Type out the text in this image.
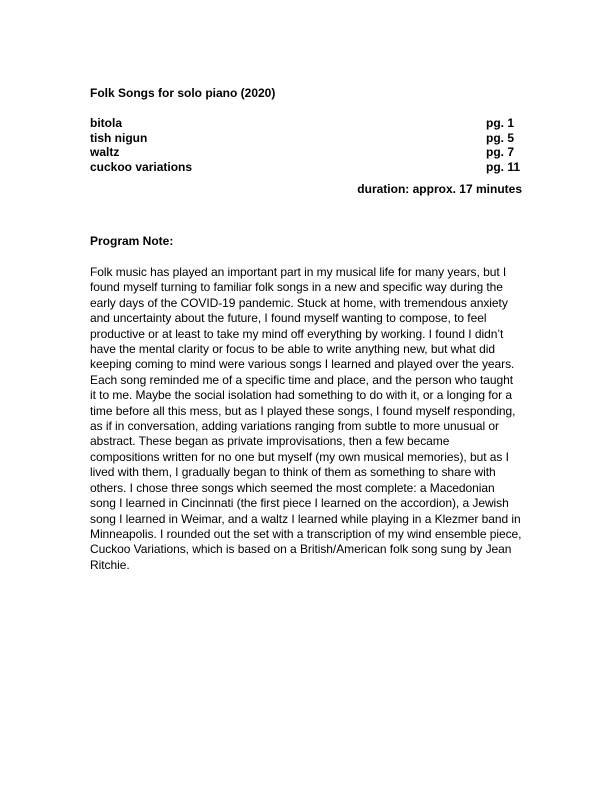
Folk Songs for solo piano (2020)
bitola	pg. 1
tish nigun	pg. 5
waltz	pg. 7
cuckoo variations	pg. 11
duration: approx. 17 minutes
Program Note:

Folk music has played an important part in my musical life for many years, but I found myself turning to familiar folk songs in a new and specific way during the early days of the COVID-19 pandemic. Stuck at home, with tremendous anxiety and uncertainty about the future, I found myself wanting to compose, to feel productive or at least to take my mind off everything by working. I found I didn’t have the mental clarity or focus to be able to write anything new, but what did keeping coming to mind were various songs I learned and played over the years. Each song reminded me of a specific time and place, and the person who taught it to me. Maybe the social isolation had something to do with it, or a longing for a time before all this mess, but as I played these songs, I found myself responding, as if in conversation, adding variations ranging from subtle to more unusual or abstract. These began as private improvisations, then a few became compositions written for no one but myself (my own musical memories), but as I lived with them, I gradually began to think of them as something to share with others. I chose three songs which seemed the most complete: a Macedonian song I learned in Cincinnati (the first piece I learned on the accordion), a Jewish song I learned in Weimar, and a waltz I learned while playing in a Klezmer band in Minneapolis. I rounded out the set with a transcription of my wind ensemble piece, Cuckoo Variations, which is based on a British/American folk song sung by Jean Ritchie.
